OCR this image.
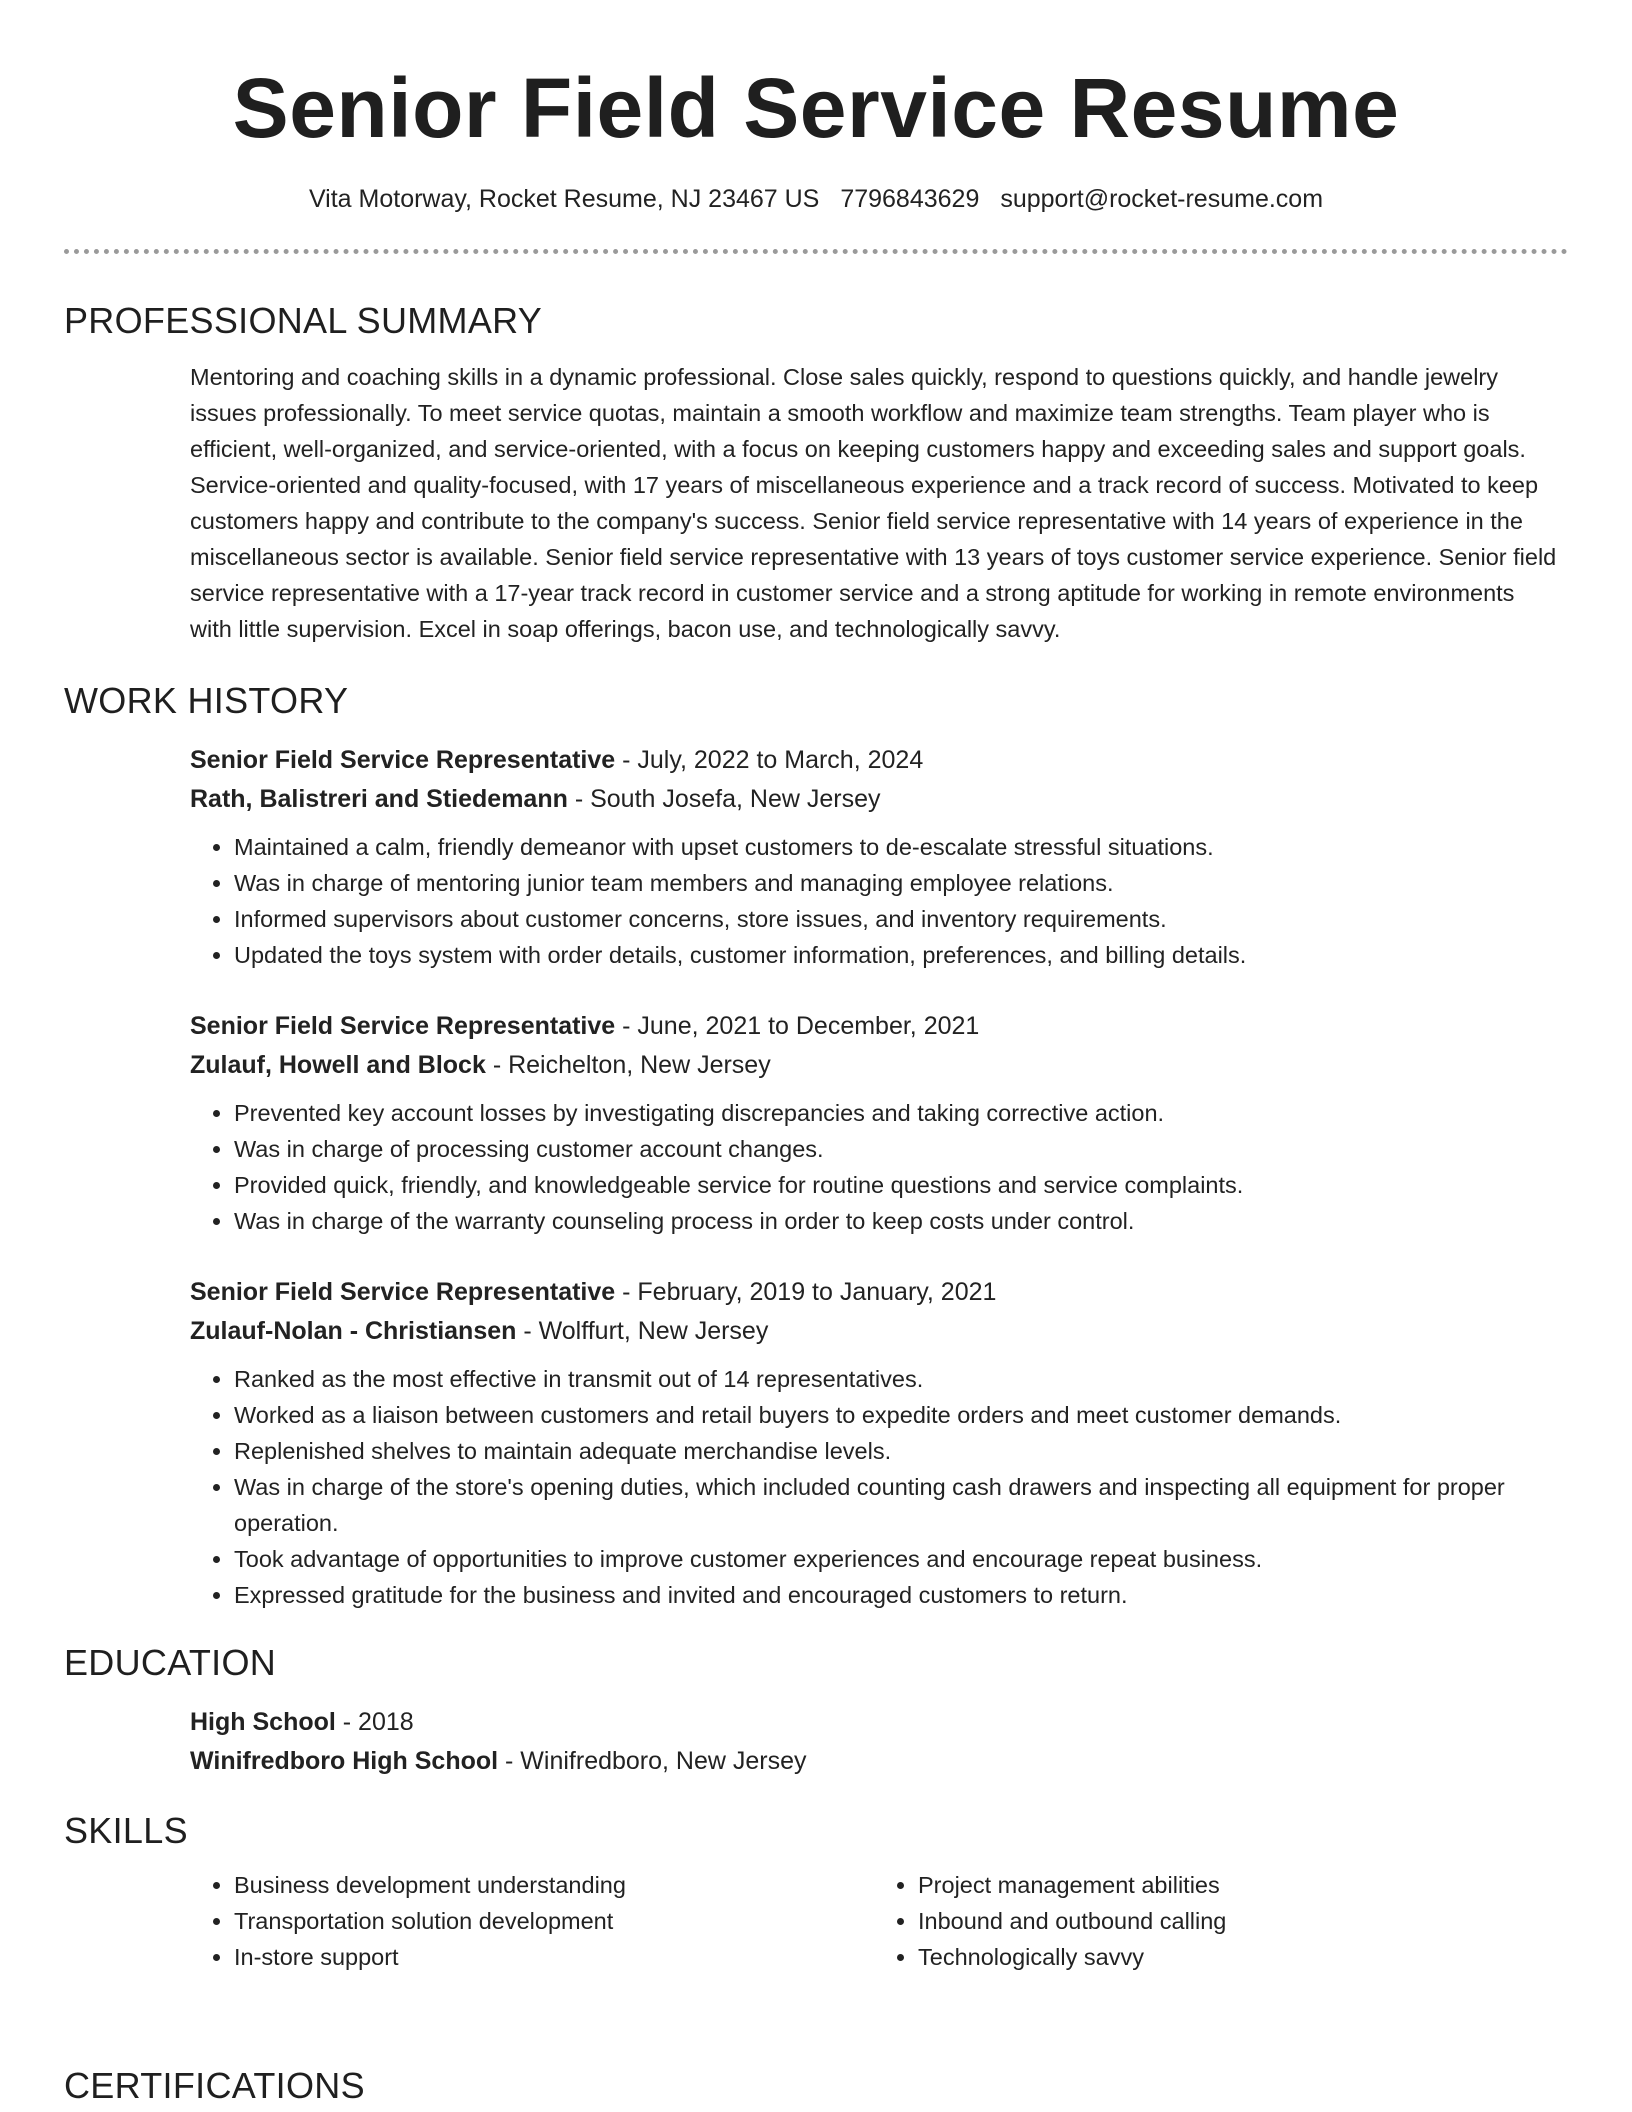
Senior Field Service Resume
Vita Motorway, Rocket Resume, NJ 23467 US 7796843629 support@rocket-resume.com
PROFESSIONAL SUMMARY

Mentoring and coaching skills in a dynamic professional. Close sales quickly, respond to questions quickly, and handle jewelry issues professionally. To meet service quotas, maintain a smooth workflow and maximize team strengths. Team player who is efficient, well-organized, and service-oriented, with a focus on keeping customers happy and exceeding sales and support goals. Service-oriented and quality-focused, with 17 years of miscellaneous experience and a track record of success. Motivated to keep customers happy and contribute to the company's success. Senior field service representative with 14 years of experience in the miscellaneous sector is available. Senior field service representative with 13 years of toys customer service experience. Senior field service representative with a 17-year track record in customer service and a strong aptitude for working in remote environments with little supervision. Excel in soap offerings, bacon use, and technologically savvy.

WORK HISTORY

Senior Field Service Representative - July, 2022 to March, 2024

Rath, Balistreri and Stiedemann - South Josefa, New Jersey

• Maintained a calm, friendly demeanor with upset customers to de-escalate stressful situations.
• Was in charge of mentoring junior team members and managing employee relations.
• Informed supervisors about customer concerns, store issues, and inventory requirements.
• Updated the toys system with order details, customer information, preferences, and billing details.

Senior Field Service Representative - June, 2021 to December, 2021

Zulauf, Howell and Block - Reichelton, New Jersey

• Prevented key account losses by investigating discrepancies and taking corrective action.
• Was in charge of processing customer account changes.
• Provided quick, friendly, and knowledgeable service for routine questions and service complaints.
• Was in charge of the warranty counseling process in order to keep costs under control.

Senior Field Service Representative - February, 2019 to January, 2021

Zulauf-Nolan - Christiansen - Wolffurt, New Jersey

• Ranked as the most effective in transmit out of 14 representatives.
• Worked as a liaison between customers and retail buyers to expedite orders and meet customer demands.
• Replenished shelves to maintain adequate merchandise levels.
• Was in charge of the store's opening duties, which included counting cash drawers and inspecting all equipment for proper operation.
• Took advantage of opportunities to improve customer experiences and encourage repeat business.
• Expressed gratitude for the business and invited and encouraged customers to return.
EDUCATION

High School - 2018

Winifredboro High School - Winifredboro, New Jersey

SKILLS
• Business development understanding
• Transportation solution development
• In-store support
• Project management abilities
• Inbound and outbound calling
• Technologically savvy
CERTIFICATIONS
